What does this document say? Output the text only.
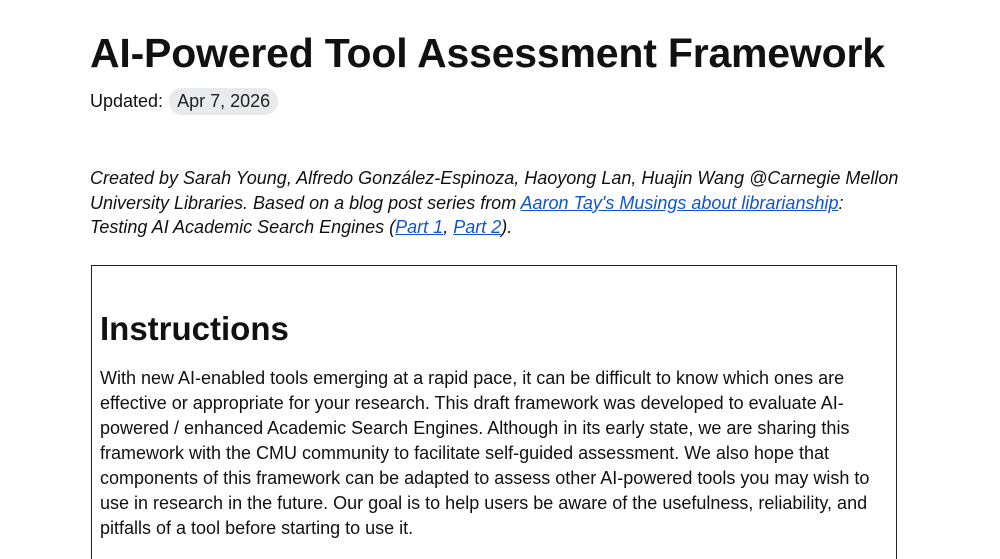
AI-Powered Tool Assessment Framework
Updated: Apr 7, 2026

Created by Sarah Young, Alfredo González-Espinoza, Haoyong Lan, Huajin Wang @Carnegie Mellon University Libraries. Based on a blog post series from Aaron Tay's Musings about librarianship: Testing AI Academic Search Engines (Part 1, Part 2).

Instructions

With new AI-enabled tools emerging at a rapid pace, it can be difficult to know which ones are effective or appropriate for your research. This draft framework was developed to evaluate AI-powered / enhanced Academic Search Engines. Although in its early state, we are sharing this framework with the CMU community to facilitate self-guided assessment. We also hope that components of this framework can be adapted to assess other AI-powered tools you may wish to use in research in the future. Our goal is to help users be aware of the usefulness, reliability, and pitfalls of a tool before starting to use it.
